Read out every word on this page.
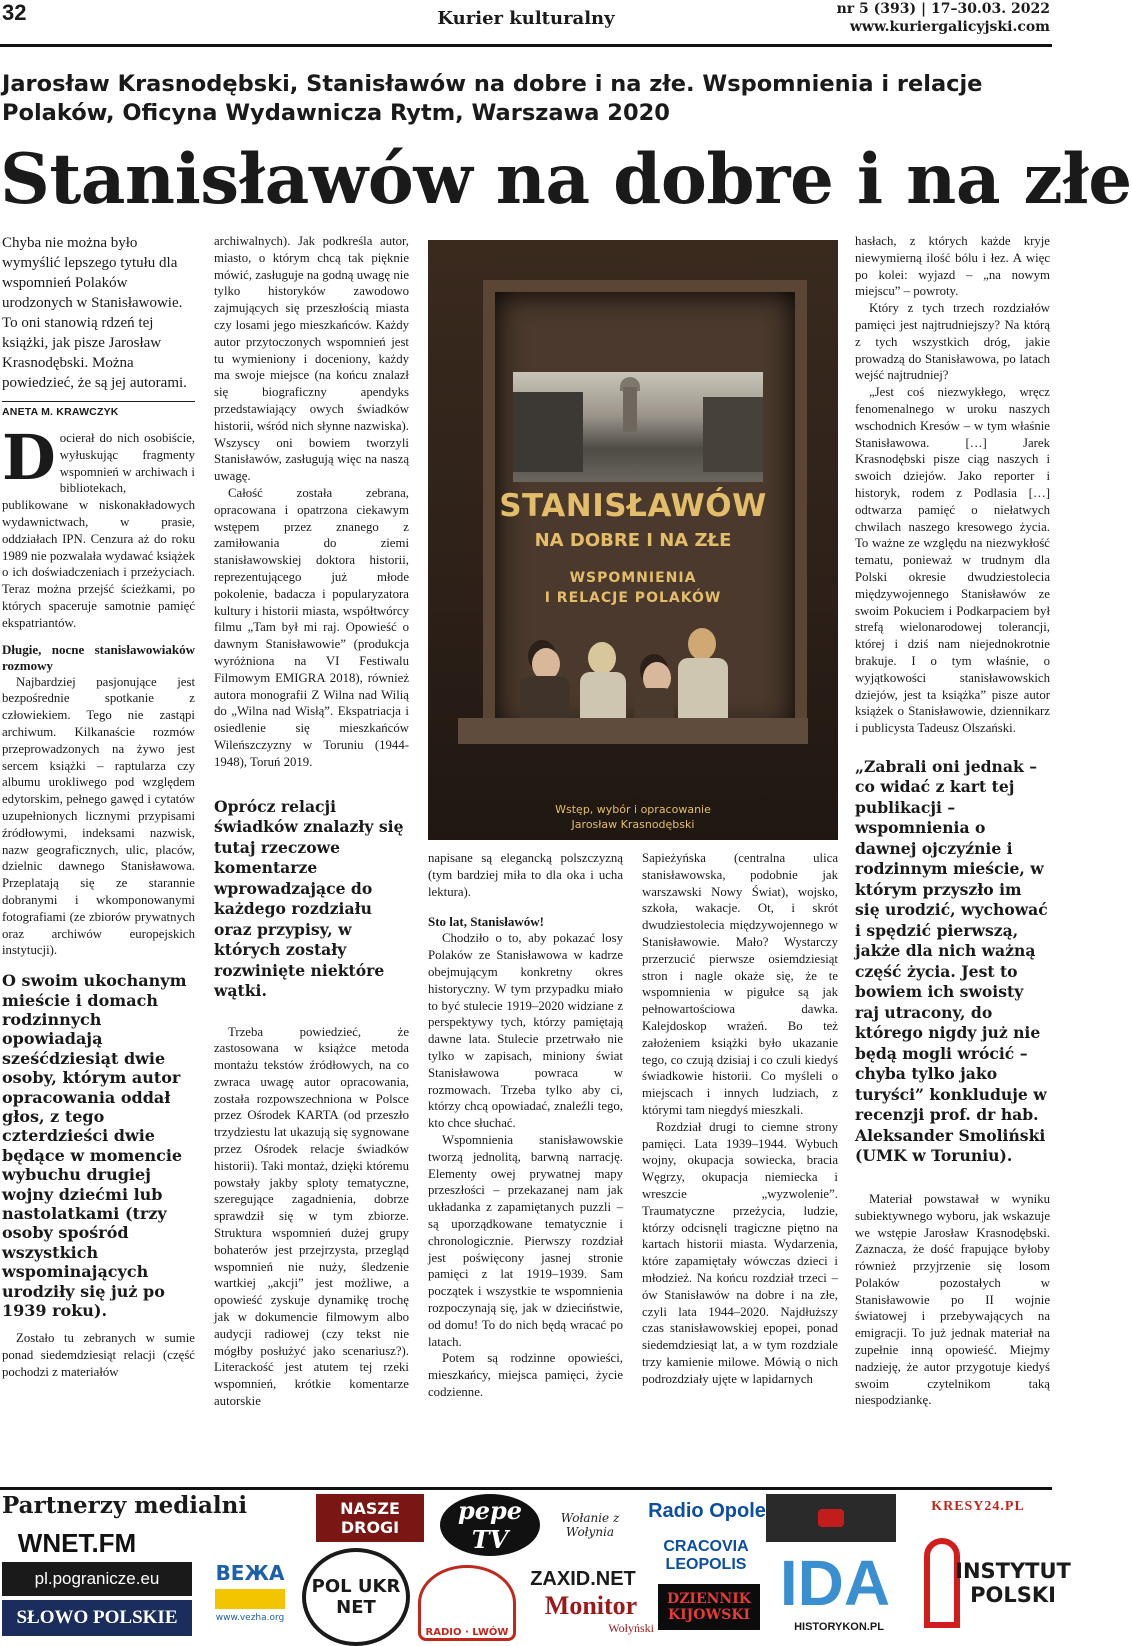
32	Kurier kulturalny	nr 5 (393) | 17–30.03. 2022
www.kuriergalicyjski.com
Jarosław Krasnodębski, Stanisławów na dobre i na złe. Wspomnienia i relacje Polaków, Oficyna Wydawnicza Rytm, Warszawa 2020
Stanisławów na dobre i na złe
Chyba nie można było wymyślić lepszego tytułu dla wspomnień Polaków urodzonych w Stanisławowie. To oni stanowią rdzeń tej książki, jak pisze Jarosław Krasnodębski. Można powiedzieć, że są jej autorami.
ANETA M. KRAWCZYK
Docierał do nich osobiście, wyłuskując fragmenty wspomnień w archiwach i bibliotekach, publikowane w niskonakładowych wydawnictwach, w prasie, oddziałach IPN. Cenzura aż do roku 1989 nie pozwalała wydawać książek o ich doświadczeniach i przeżyciach. Teraz można przejść ścieżkami, po których spaceruje samotnie pamięć ekspatriantów.
Długie, nocne stanisławowiaków rozmowy

Najbardziej pasjonujące jest bezpośrednie spotkanie z człowiekiem. Tego nie zastąpi archiwum. Kilkanaście rozmów przeprowadzonych na żywo jest sercem książki – raptularza czy albumu urokliwego pod względem edytorskim, pełnego gawęd i cytatów uzupełnionych licznymi przypisami źródłowymi, indeksami nazwisk, nazw geograficznych, ulic, placów, dzielnic dawnego Stanisławowa. Przeplatają się ze starannie dobranymi i wkomponowanymi fotografiami (ze zbiorów prywatnych oraz archiwów europejskich instytucji).

O swoim ukochanym mieście i domach rodzinnych opowiadają sześćdziesiąt dwie osoby, którym autor opracowania oddał głos, z tego czterdzieści dwie będące w momencie wybuchu drugiej wojny dziećmi lub nastolatkami (trzy osoby spośród wszystkich wspominających urodziły się już po 1939 roku).

Zostało tu zebranych w sumie ponad siedemdziesiąt relacji (część pochodzi z materiałów

archiwalnych). Jak podkreśla autor, miasto, o którym chcą tak pięknie mówić, zasługuje na godną uwagę nie tylko historyków zawodowo zajmujących się przeszłością miasta czy losami jego mieszkańców. Każdy autor przytoczonych wspomnień jest tu wymieniony i doceniony, każdy ma swoje miejsce (na końcu znalazł się biograficzny apendyks przedstawiający owych świadków historii, wśród nich słynne nazwiska). Wszyscy oni bowiem tworzyli Stanisławów, zasługują więc na naszą uwagę.

Całość została zebrana, opracowana i opatrzona ciekawym wstępem przez znanego z zamiłowania do ziemi stanisławowskiej doktora historii, reprezentującego już młode pokolenie, badacza i popularyzatora kultury i historii miasta, współtwórcy filmu „Tam był mi raj. Opowieść o dawnym Stanisławowie” (produkcja wyróżniona na VI Festiwalu Filmowym EMIGRA 2018), również autora monografii Z Wilna nad Wilią do „Wilna nad Wisłą”. Ekspatriacja i osiedlenie się mieszkańców Wileńszczyzny w Toruniu (1944-1948), Toruń 2019.

Oprócz relacji świadków znalazły się tutaj rzeczowe komentarze wprowadzające do każdego rozdziału oraz przypisy, w których zostały rozwinięte niektóre wątki.

Trzeba powiedzieć, że zastosowana w książce metoda montażu tekstów źródłowych, na co zwraca uwagę autor opracowania, została rozpowszechniona w Polsce przez Ośrodek KARTA (od przeszło trzydziestu lat ukazują się sygnowane przez Ośrodek relacje świadków historii). Taki montaż, dzięki któremu powstały jakby sploty tematyczne, szeregujące zagadnienia, dobrze sprawdził się w tym zbiorze. Struktura wspomnień dużej grupy bohaterów jest przejrzysta, przegląd wspomnień nie nuży, śledzenie wartkiej „akcji” jest możliwe, a opowieść zyskuje dynamikę trochę jak w dokumencie filmowym albo audycji radiowej (czy tekst nie mógłby posłużyć jako scenariusz?). Literackość jest atutem tej rzeki wspomnień, krótkie komentarze autorskie

STANISŁAWÓW
NA DOBRE I NA ZŁE
WSPOMNIENIA
I RELACJE POLAKÓW
Wstęp, wybór i opracowanie
Jarosław Krasnodębski

napisane są elegancką polszczyzną (tym bardziej miła to dla oka i ucha lektura).

Sto lat, Stanisławów!

Chodziło o to, aby pokazać losy Polaków ze Stanisławowa w kadrze obejmującym konkretny okres historyczny. W tym przypadku miało to być stulecie 1919–2020 widziane z perspektywy tych, którzy pamiętają dawne lata. Stulecie przetrwało nie tylko w zapisach, miniony świat Stanisławowa powraca w rozmowach. Trzeba tylko aby ci, którzy chcą opowiadać, znaleźli tego, kto chce słuchać.

Wspomnienia stanisławowskie tworzą jednolitą, barwną narrację. Elementy owej prywatnej mapy przeszłości – przekazanej nam jak układanka z zapamiętanych puzzli – są uporządkowane tematycznie i chronologicznie. Pierwszy rozdział jest poświęcony jasnej stronie pamięci z lat 1919–1939. Sam początek i wszystkie te wspomnienia rozpoczynają się, jak w dzieciństwie, od domu! To do nich będą wracać po latach.

Potem są rodzinne opowieści, mieszkańcy, miejsca pamięci, życie codzienne.

Sapieżyńska (centralna ulica stanisławowska, podobnie jak warszawski Nowy Świat), wojsko, szkoła, wakacje. Ot, i skrót dwudziestolecia międzywojennego w Stanisławowie. Mało? Wystarczy przerzucić pierwsze osiemdziesiąt stron i nagle okaże się, że te wspomnienia w pigułce są jak pełnowartościowa dawka. Kalejdoskop wrażeń. Bo też założeniem książki było ukazanie tego, co czują dzisiaj i co czuli kiedyś świadkowie historii. Co myśleli o miejscach i innych ludziach, z którymi tam niegdyś mieszkali.

Rozdział drugi to ciemne strony pamięci. Lata 1939–1944. Wybuch wojny, okupacja sowiecka, bracia Węgrzy, okupacja niemiecka i wreszcie „wyzwolenie”. Traumatyczne przeżycia, ludzie, którzy odcisnęli tragiczne piętno na kartach historii miasta. Wydarzenia, które zapamiętały wówczas dzieci i młodzież. Na końcu rozdział trzeci – ów Stanisławów na dobre i na złe, czyli lata 1944–2020. Najdłuższy czas stanisławowskiej epopei, ponad siedemdziesiąt lat, a w tym rozdziale trzy kamienie milowe. Mówią o nich podrozdziały ujęte w lapidarnych

hasłach, z których każde kryje niewymierną ilość bólu i łez. A więc po kolei: wyjazd – „na nowym miejscu” – powroty.

Który z tych trzech rozdziałów pamięci jest najtrudniejszy? Na którą z tych wszystkich dróg, jakie prowadzą do Stanisławowa, po latach wejść najtrudniej?

„Jest coś niezwykłego, wręcz fenomenalnego w uroku naszych wschodnich Kresów – w tym właśnie Stanisławowa. […] Jarek Krasnodębski pisze ciąg naszych i swoich dziejów. Jako reporter i historyk, rodem z Podlasia […] odtwarza pamięć o niełatwych chwilach naszego kresowego życia. To ważne ze względu na niezwykłość tematu, ponieważ w trudnym dla Polski okresie dwudziestolecia międzywojennego Stanisławów ze swoim Pokuciem i Podkarpaciem był strefą wielonarodowej tolerancji, której i dziś nam niejednokrotnie brakuje. I o tym właśnie, o wyjątkowości stanisławowskich dziejów, jest ta książka” pisze autor książek o Stanisławowie, dziennikarz i publicysta Tadeusz Olszański.

„Zabrali oni jednak – co widać z kart tej publikacji – wspomnienia o dawnej ojczyźnie i rodzinnym mieście, w którym przyszło im się urodzić, wychować i spędzić pierwszą, jakże dla nich ważną część życia. Jest to bowiem ich swoisty raj utracony, do którego nigdy już nie będą mogli wrócić – chyba tylko jako turyści” konkluduje w recenzji prof. dr hab. Aleksander Smoliński (UMK w Toruniu).

Materiał powstawał w wyniku subiektywnego wyboru, jak wskazuje we wstępie Jarosław Krasnodębski. Zaznacza, że dość frapujące byłoby również przyjrzenie się losom Polaków pozostałych w Stanisławowie po II wojnie światowej i przebywających na emigracji. To już jednak materiał na zupełnie inną opowieść. Miejmy nadzieję, że autor przygotuje kiedyś swoim czytelnikom taką niespodziankę.

Partnerzy medialni
WNET.FM
pl.pogranicze.eu
SŁOWO POLSKIE
ВЕЖА
www.vezha.org
POL UKR NET
NASZE DROGI
RADIO · LWÓW
pepe TV
Wołanie z Wołynia
ZAXID.NET
Monitor
Wołyński
Radio Opole
CRACOVIA LEOPOLIS
DZIENNIK KIJOWSKI IDA
HISTORYKON.PL
KRESY24.PL
INSTYTUT POLSKI
